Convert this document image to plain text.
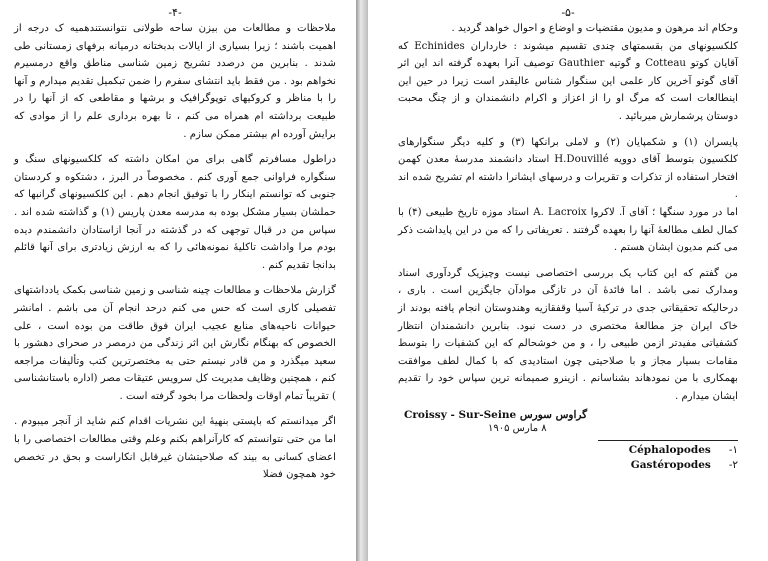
-۴-

ملاحظات و مطالعات من بیزن ساحه طولانی نتوانستندهمیه ک درجه از اهمیت باشند ؛ زیرا بسیاری از ایالات بدبختانه درمیانه برفهای زمستانی طی شدند . بنابرین من درصدد تشریح زمین شناسی مناطق واقع درمسیرم نخواهم بود . من فقط باید انتشای سفرم را ضمن تبکمیل تقدیم میدارم و آنها را با مناظر و کروکیهای توپوگرافیک و برشها و مقاطعی که از آنها را در طبیعت برداشته ام همراه می کنم ، تا بهره برداری علم را از موادی که برایش آورده ام بیشتر ممکن سازم .

دراطول مسافرتم گاهی برای من امکان داشته که کلکسیونهای سنگ و سنگواره فراوانی جمع آوری کنم . مخصوصاً در البرز ، دشتکوه و کردستان جنوبی که توانستم اینکار را با توفیق انجام دهم . این کلکسیونهای گرانبها که حملشان بسیار مشکل بوده به مدرسه معدن پاریس (۱) و گذاشته شده اند . سپاس من در قبال توجهی که در گذشته در آنجا ازاستادان دانشمندم دیده بودم مرا واداشت تاکلیهٔ نمونه‌هائی را که به ارزش زیادتری برای آنها قائلم بدانجا تقدیم کنم .

گزارش ملاحظات و مطالعات چینه شناسی و زمین شناسی بکمک یادداشتهای تفصیلی کاری است که حس می کنم درحد انجام آن می باشم . امانشر حیوانات ناحیه‌های منابع عجیب ایران فوق طاقت من بوده است ، علی الخصوص که بهنگام نگارش این اثر زندگی من درمصر در صحرای دهشور با سعید میگذرد و من قادر نیستم حتی به مختصرترین کتب وتألیفات مراجعه کنم ، همچنین وظایف مدیریت کل سرویس عتیقات مصر (اداره باستانشناسی ) تقریباً تمام اوقات ولحظات مرا بخود گرفته است .

اگر میدانستم که باپستی بنهیهٔ این نشریات اقدام کنم شاید از آنجر میبودم . اما من حتی نتوانستم که کارآنراهم بکنم وعلم وقتی مطالعات اختصاصی را با اعضای کسانی به بیند که صلاحیتشان غیرقابل انکاراست و بحق در تخصص خود همچون فضلا

-۵-

وحکام اند مرهون و مدیون مقتضیات و اوضاع و احوال خواهد گردید .

کلکسیونهای من بقسمتهای چندی تقسیم میشوند : خارداران Echinides که آقایان کوتو Cotteau و گوتیه Gauthier توصیف آنرا بعهده گرفته اند این اثر آقای گوتو آخرین کار علمی این سنگوار شناس عالیقدر است زیرا در حین این اینطالعات است که مرگ او را از اعزاز و اکرام دانشمندان و از چنگ محبت دوستان پرشمارش میربائید .

پایسران (۱) و شکمپایان (۲) و لاملی برانکها (۳) و کلیه دیگر سنگوارهای کلکسیون بتوسط آقای دوویه H.Douvillé استاد دانشمند مدرسهٔ معدن کهمن افتخار استفاده از تذکرات و تقریرات و درسهای ایشانرا داشته ام تشریح شده اند .

اما در مورد سنگها ؛ آقای آ. لاکروا A. Lacroix استاد موزه تاریخ طبیعی (۴) با کمال لطف مطالعهٔ آنها را بعهده گرفتند . تعریفاتی را که من در این پایداشت ذکر می کنم مدیون ایشان هستم .

من گفتم که این کتاب یک بررسی اختصاصی نیست وچیزیک گردآوری اسناد ومدارک نمی باشد . اما فائدهٔ آن در تازگی موادآن جایگزین است . باری ، درحالیکه تحقیقاتی جدی در ترکیهٔ آسیا وقفقازیه وهندوستان انجام یافته بودند از خاک ایران جز مطالعهٔ مختصری در دست نبود. بنابرین دانشمندان انتظار کشفیاتی مفیدتر ازمن طبیعی را ، و من خوشحالم که این کشفیات را بتوسط مقامات بسیار مجاز و با صلاحیتی چون استادیدی که با کمال لطف موافقت بهمکاری با من نمودهاند بشناسانم . ازینرو صمیمانه ترین سپاس خود را تقدیم ایشان میدارم .

Croissy - Sur-Seine گراوس سورس
۸ مارس ۱۹۰۵
Céphalopodes -۱
Gastéropodes -۲
